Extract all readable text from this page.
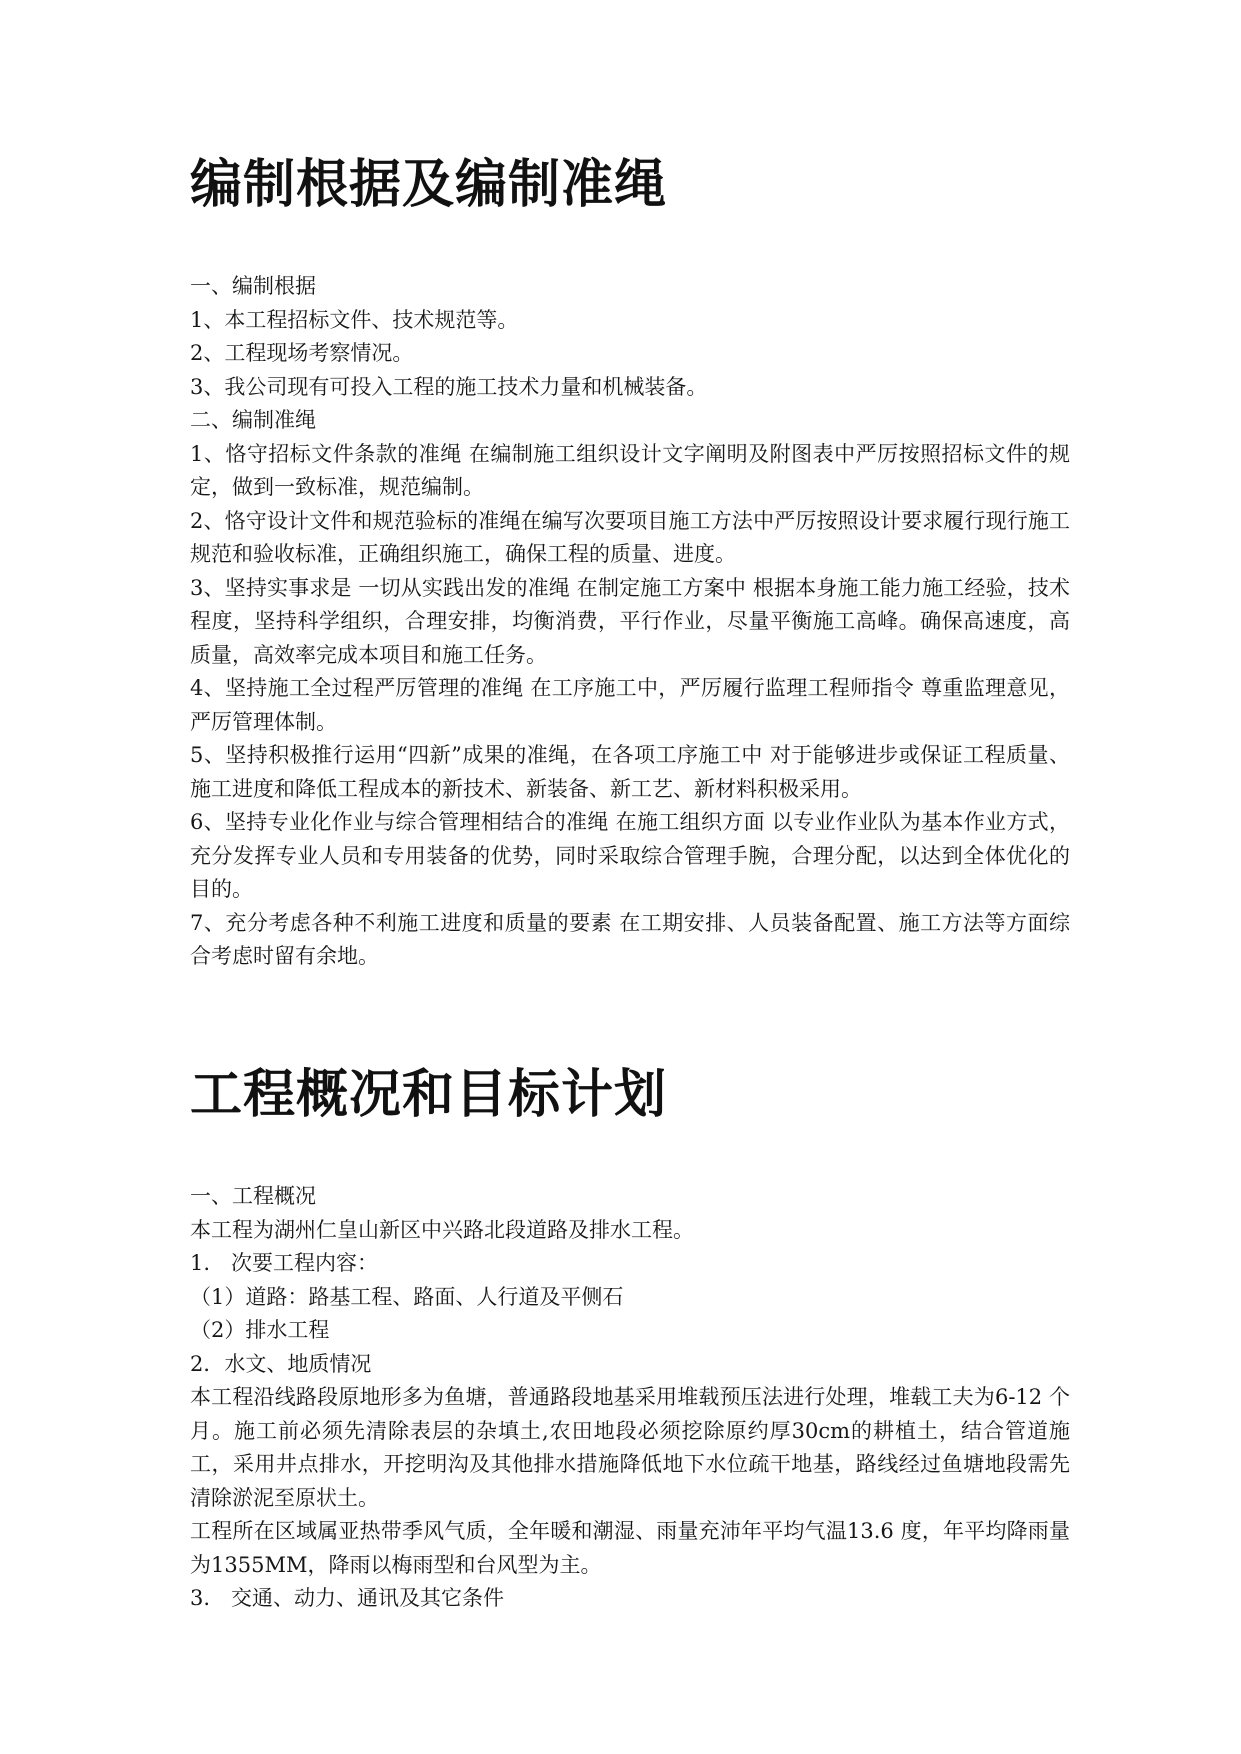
编制根据及编制准绳

一、编制根据

1、本工程招标文件、技术规范等。

2、工程现场考察情况。

3、我公司现有可投入工程的施工技术力量和机械装备。

二、编制准绳

1、恪守招标文件条款的准绳 在编制施工组织设计文字阐明及附图表中严厉按照招标文件的规定，做到一致标准，规范编制。

2、恪守设计文件和规范验标的准绳在编写次要项目施工方法中严厉按照设计要求履行现行施工规范和验收标准，正确组织施工，确保工程的质量、进度。

3、坚持实事求是 一切从实践出发的准绳 在制定施工方案中 根据本身施工能力施工经验，技术程度，坚持科学组织，合理安排，均衡消费，平行作业，尽量平衡施工高峰。确保高速度，高质量，高效率完成本项目和施工任务。

4、坚持施工全过程严厉管理的准绳 在工序施工中，严厉履行监理工程师指令 尊重监理意见，严厉管理体制。

5、坚持积极推行运用“四新”成果的准绳，在各项工序施工中 对于能够进步或保证工程质量、施工进度和降低工程成本的新技术、新装备、新工艺、新材料积极采用。

6、坚持专业化作业与综合管理相结合的准绳 在施工组织方面 以专业作业队为基本作业方式，充分发挥专业人员和专用装备的优势，同时采取综合管理手腕，合理分配，以达到全体优化的目的。

7、充分考虑各种不利施工进度和质量的要素 在工期安排、人员装备配置、施工方法等方面综合考虑时留有余地。

工程概况和目标计划

一、工程概况

本工程为湖州仁皇山新区中兴路北段道路及排水工程。

1.　次要工程内容：

（1）道路：路基工程、路面、人行道及平侧石

（2）排水工程

2．水文、地质情况

本工程沿线路段原地形多为鱼塘，普通路段地基采用堆载预压法进行处理，堆载工夫为6-12 个月。施工前必须先清除表层的杂填土,农田地段必须挖除原约厚30cm的耕植土，结合管道施工，采用井点排水，开挖明沟及其他排水措施降低地下水位疏干地基，路线经过鱼塘地段需先清除淤泥至原状土。

工程所在区域属亚热带季风气质，全年暖和潮湿、雨量充沛年平均气温13.6 度，年平均降雨量为1355MM，降雨以梅雨型和台风型为主。

3.　交通、动力、通讯及其它条件
